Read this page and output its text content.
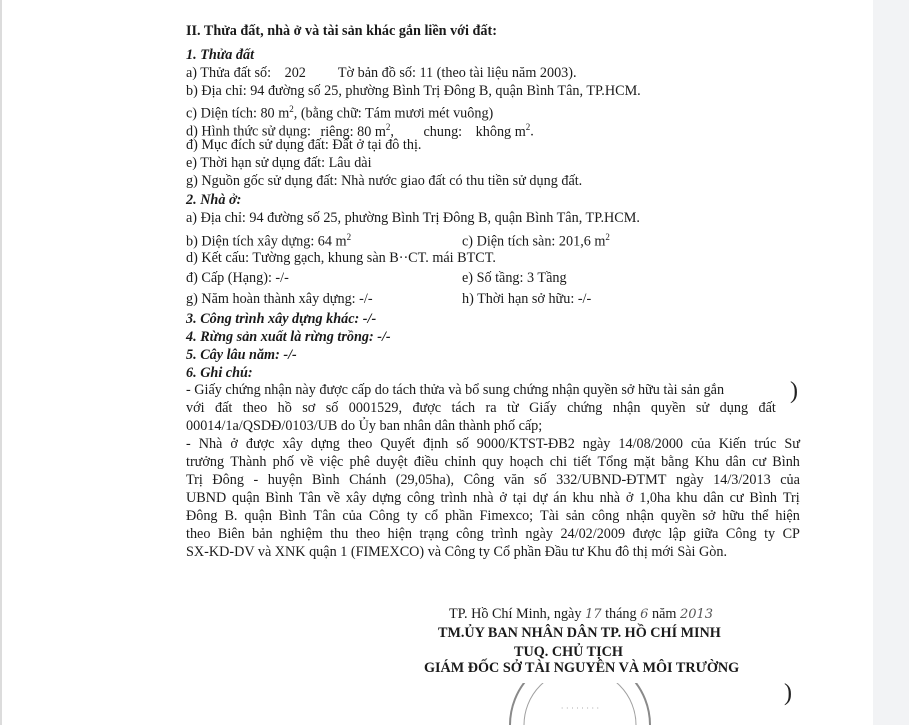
II. Thửa đất, nhà ở và tài sản khác gắn liền với đất:
1. Thửa đất
a) Thửa đất số: 202 Tờ bản đồ số: 11 (theo tài liệu năm 2003).
b) Địa chỉ: 94 đường số 25, phường Bình Trị Đông B, quận Bình Tân, TP.HCM.
c) Diện tích: 80 $m^2$, (bằng chữ: Tám mươi mét vuông)
d) Hình thức sử dụng: riêng: 80 $m^2$, chung: không $m^2$.
đ) Mục đích sử dụng đất: Đất ở tại đô thị.
e) Thời hạn sử dụng đất: Lâu dài
g) Nguồn gốc sử dụng đất: Nhà nước giao đất có thu tiền sử dụng đất.
2. Nhà ở:
a) Địa chỉ: 94 đường số 25, phường Bình Trị Đông B, quận Bình Tân, TP.HCM.
b) Diện tích xây dựng: 64 $m^2$	c) Diện tích sàn: 201,6 $m^2$
d) Kết cấu: Tường gạch, khung sàn B··CT. mái BTCT.
đ) Cấp (Hạng): -/-	e) Số tầng: 3 Tầng
g) Năm hoàn thành xây dựng: -/-	h) Thời hạn sở hữu: -/-
3. Công trình xây dựng khác: -/-
4. Rừng sản xuất là rừng trồng: -/-
5. Cây lâu năm: -/-
6. Ghi chú:
- Giấy chứng nhận này được cấp do tách thửa và bổ sung chứng nhận quyền sở hữu tài sản gắn
với đất theo hồ sơ số 0001529, được tách ra từ Giấy chứng nhận quyền sử dụng đất
00014/1a/QSDĐ/0103/UB do Ủy ban nhân dân thành phố cấp;
- Nhà ở được xây dựng theo Quyết định số 9000/KTST-ĐB2 ngày 14/08/2000 của Kiến trúc Sư
trưởng Thành phố về việc phê duyệt điều chỉnh quy hoạch chi tiết Tổng mặt bằng Khu dân cư Bình
Trị Đông - huyện Bình Chánh (29,05ha), Công văn số 332/UBND-ĐTMT ngày 14/3/2013 của
UBND quận Bình Tân về xây dựng công trình nhà ở tại dự án khu nhà ở 1,0ha khu dân cư Bình Trị
Đông B. quận Bình Tân của Công ty cổ phần Fimexco; Tài sản công nhận quyền sở hữu thể hiện
theo Biên bản nghiệm thu theo hiện trạng công trình ngày 24/02/2009 được lập giữa Công ty CP
SX-KD-DV và XNK quận 1 (FIMEXCO) và Công ty Cổ phần Đầu tư Khu đô thị mới Sài Gòn.
)
TP. Hồ Chí Minh, ngày 17 tháng 6 năm 2013
TM.ỦY BAN NHÂN DÂN TP. HỒ CHÍ MINH
TUQ. CHỦ TỊCH
GIÁM ĐỐC SỞ TÀI NGUYÊN VÀ MÔI TRƯỜNG
)
· · · · · · · ·
